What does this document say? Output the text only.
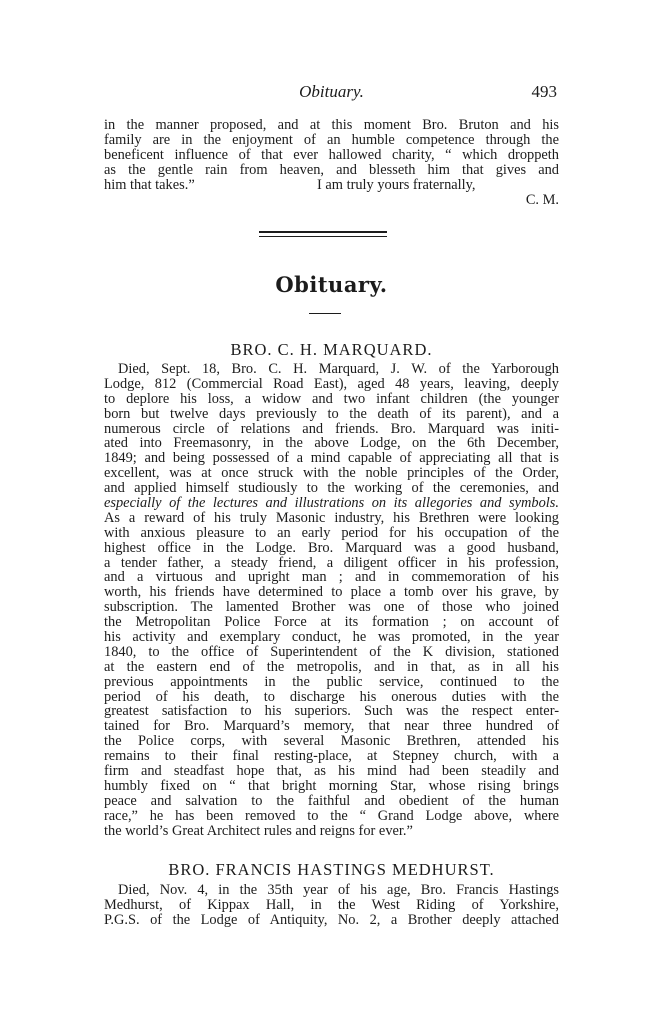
Obituary.	493
in the manner proposed, and at this moment Bro. Bruton and his
family are in the enjoyment of an humble competence through the
beneficent influence of that ever hallowed charity, “ which droppeth
as the gentle rain from heaven, and blesseth him that gives and
him that takes.”	I am truly yours fraternally,
C. M.
Obituary.
BRO. C. H. MARQUARD.
Died, Sept. 18, Bro. C. H. Marquard, J. W. of the Yarborough
Lodge, 812 (Commercial Road East), aged 48 years, leaving, deeply
to deplore his loss, a widow and two infant children (the younger
born but twelve days previously to the death of its parent), and a
numerous circle of relations and friends. Bro. Marquard was initi-
ated into Freemasonry, in the above Lodge, on the 6th December,
1849; and being possessed of a mind capable of appreciating all that is
excellent, was at once struck with the noble principles of the Order,
and applied himself studiously to the working of the ceremonies, and
especially of the lectures and illustrations on its allegories and symbols.
As a reward of his truly Masonic industry, his Brethren were looking
with anxious pleasure to an early period for his occupation of the
highest office in the Lodge. Bro. Marquard was a good husband,
a tender father, a steady friend, a diligent officer in his profession,
and a virtuous and upright man ; and in commemoration of his
worth, his friends have determined to place a tomb over his grave, by
subscription. The lamented Brother was one of those who joined
the Metropolitan Police Force at its formation ; on account of
his activity and exemplary conduct, he was promoted, in the year
1840, to the office of Superintendent of the K division, stationed
at the eastern end of the metropolis, and in that, as in all his
previous appointments in the public service, continued to the
period of his death, to discharge his onerous duties with the
greatest satisfaction to his superiors. Such was the respect enter-
tained for Bro. Marquard’s memory, that near three hundred of
the Police corps, with several Masonic Brethren, attended his
remains to their final resting-place, at Stepney church, with a
firm and steadfast hope that, as his mind had been steadily and
humbly fixed on “ that bright morning Star, whose rising brings
peace and salvation to the faithful and obedient of the human
race,” he has been removed to the “ Grand Lodge above, where
the world’s Great Architect rules and reigns for ever.”
BRO. FRANCIS HASTINGS MEDHURST.
Died, Nov. 4, in the 35th year of his age, Bro. Francis Hastings
Medhurst, of Kippax Hall, in the West Riding of Yorkshire,
P.G.S. of the Lodge of Antiquity, No. 2, a Brother deeply attached
